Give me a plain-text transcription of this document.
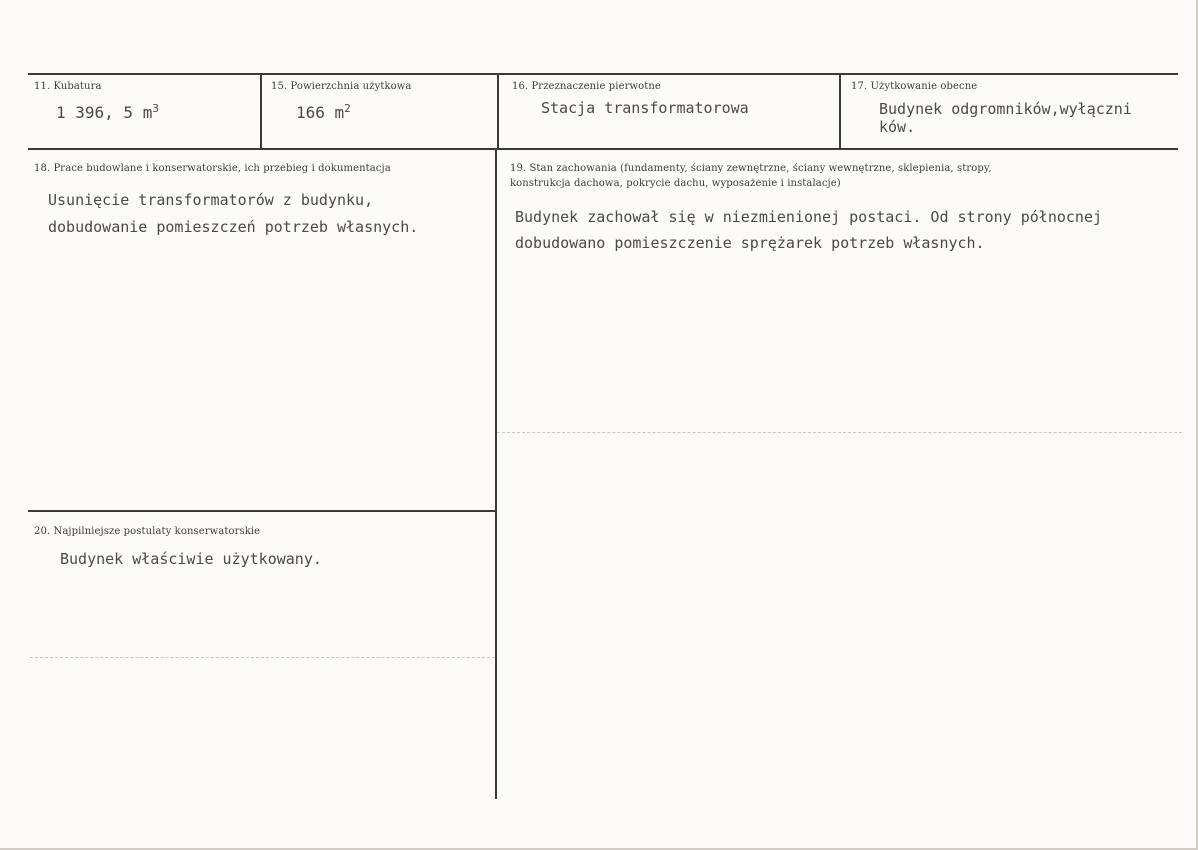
11. Kubatura
1 396, 5 $m^3$
15. Powierzchnia użytkowa
166 $m^2$
16. Przeznaczenie pierwotne
Stacja transformatorowa
17. Użytkowanie obecne
Budynek odgromników,wyłączni
ków.
18. Prace budowlane i konserwatorskie, ich przebieg i dokumentacja
Usunięcie transformatorów z budynku,
dobudowanie pomieszczeń potrzeb własnych.
19. Stan zachowania (fundamenty, ściany zewnętrzne, ściany wewnętrzne, sklepienia, stropy,
konstrukcja dachowa, pokrycie dachu, wyposażenie i instalacje)
Budynek zachował się w niezmienionej postaci. Od strony północnej
dobudowano pomieszczenie sprężarek potrzeb własnych.
20. Najpilniejsze postulaty konserwatorskie
Budynek właściwie użytkowany.
